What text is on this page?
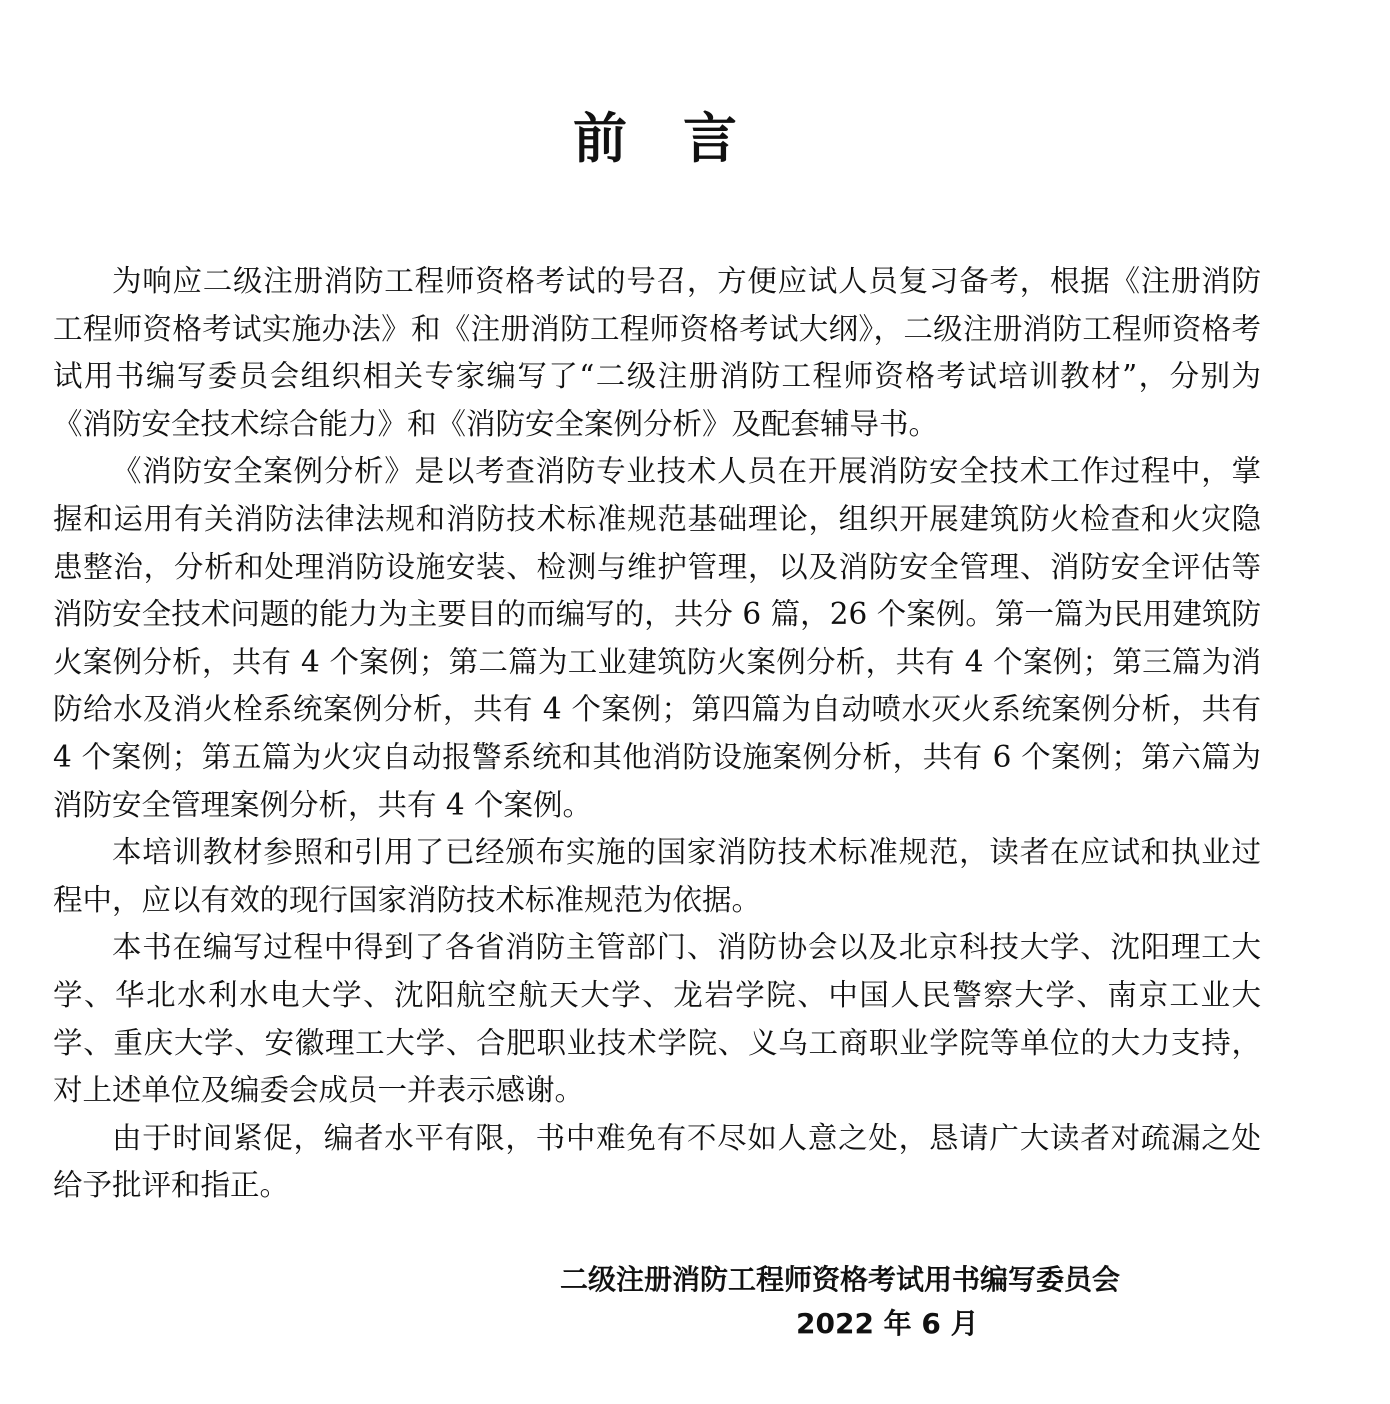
前言

为响应二级注册消防工程师资格考试的号召，方便应试人员复习备考，根据《注册消防工程师资格考试实施办法》和《注册消防工程师资格考试大纲》，二级注册消防工程师资格考试用书编写委员会组织相关专家编写了“二级注册消防工程师资格考试培训教材”，分别为《消防安全技术综合能力》和《消防安全案例分析》及配套辅导书。

《消防安全案例分析》是以考查消防专业技术人员在开展消防安全技术工作过程中，掌握和运用有关消防法律法规和消防技术标准规范基础理论，组织开展建筑防火检查和火灾隐患整治，分析和处理消防设施安装、检测与维护管理，以及消防安全管理、消防安全评估等消防安全技术问题的能力为主要目的而编写的，共分 6 篇，26 个案例。第一篇为民用建筑防火案例分析，共有 4 个案例；第二篇为工业建筑防火案例分析，共有 4 个案例；第三篇为消防给水及消火栓系统案例分析，共有 4 个案例；第四篇为自动喷水灭火系统案例分析，共有 4 个案例；第五篇为火灾自动报警系统和其他消防设施案例分析，共有 6 个案例；第六篇为消防安全管理案例分析，共有 4 个案例。

本培训教材参照和引用了已经颁布实施的国家消防技术标准规范，读者在应试和执业过程中，应以有效的现行国家消防技术标准规范为依据。

本书在编写过程中得到了各省消防主管部门、消防协会以及北京科技大学、沈阳理工大学、华北水利水电大学、沈阳航空航天大学、龙岩学院、中国人民警察大学、南京工业大学、重庆大学、安徽理工大学、合肥职业技术学院、义乌工商职业学院等单位的大力支持，对上述单位及编委会成员一并表示感谢。

由于时间紧促，编者水平有限，书中难免有不尽如人意之处，恳请广大读者对疏漏之处给予批评和指正。

二级注册消防工程师资格考试用书编写委员会
2022 年 6 月
